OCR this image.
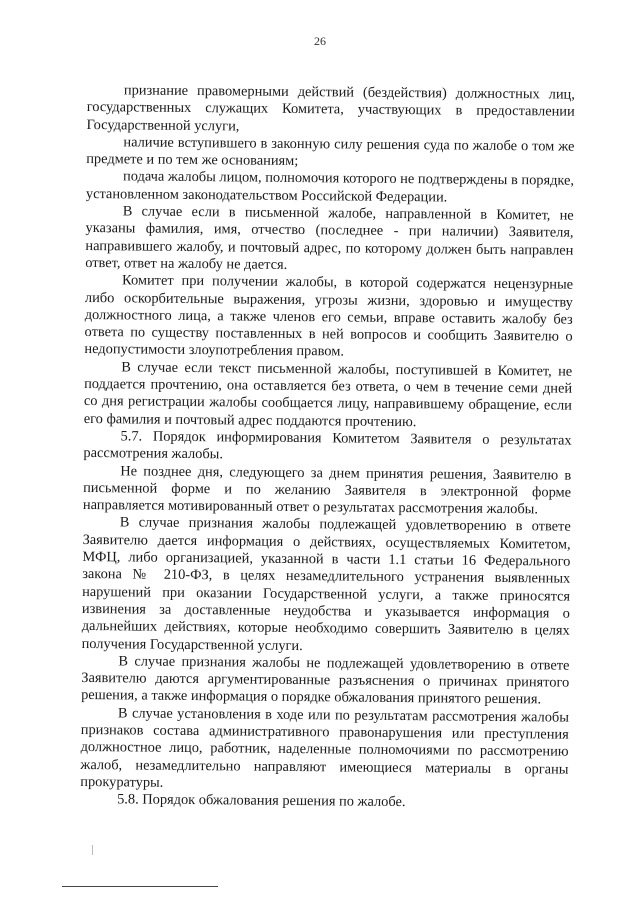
26

признание правомерными действий (бездействия) должностных лиц, государственных служащих Комитета, участвующих в предоставлении Государственной услуги,

наличие вступившего в законную силу решения суда по жалобе о том же предмете и по тем же основаниям;

подача жалобы лицом, полномочия которого не подтверждены в порядке, установленном законодательством Российской Федерации.

В случае если в письменной жалобе, направленной в Комитет, не указаны фамилия, имя, отчество (последнее - при наличии) Заявителя, направившего жалобу, и почтовый адрес, по которому должен быть направлен ответ, ответ на жалобу не дается.

Комитет при получении жалобы, в которой содержатся нецензурные либо оскорбительные выражения, угрозы жизни, здоровью и имуществу должностного лица, а также членов его семьи, вправе оставить жалобу без ответа по существу поставленных в ней вопросов и сообщить Заявителю о недопустимости злоупотребления правом.

В случае если текст письменной жалобы, поступившей в Комитет, не поддается прочтению, она оставляется без ответа, о чем в течение семи дней со дня регистрации жалобы сообщается лицу, направившему обращение, если его фамилия и почтовый адрес поддаются прочтению.

5.7. Порядок информирования Комитетом Заявителя о результатах рассмотрения жалобы.

Не позднее дня, следующего за днем принятия решения, Заявителю в письменной форме и по желанию Заявителя в электронной форме направляется мотивированный ответ о результатах рассмотрения жалобы.

В случае признания жалобы подлежащей удовлетворению в ответе Заявителю дается информация о действиях, осуществляемых Комитетом, МФЦ, либо организацией, указанной в части 1.1 статьи 16 Федерального закона № 210-ФЗ, в целях незамедлительного устранения выявленных нарушений при оказании Государственной услуги, а также приносятся извинения за доставленные неудобства и указывается информация о дальнейших действиях, которые необходимо совершить Заявителю в целях получения Государственной услуги.

В случае признания жалобы не подлежащей удовлетворению в ответе Заявителю даются аргументированные разъяснения о причинах принятого решения, а также информация о порядке обжалования принятого решения.

В случае установления в ходе или по результатам рассмотрения жалобы признаков состава административного правонарушения или преступления должностное лицо, работник, наделенные полномочиями по рассмотрению жалоб, незамедлительно направляют имеющиеся материалы в органы прокуратуры.

5.8. Порядок обжалования решения по жалобе.
